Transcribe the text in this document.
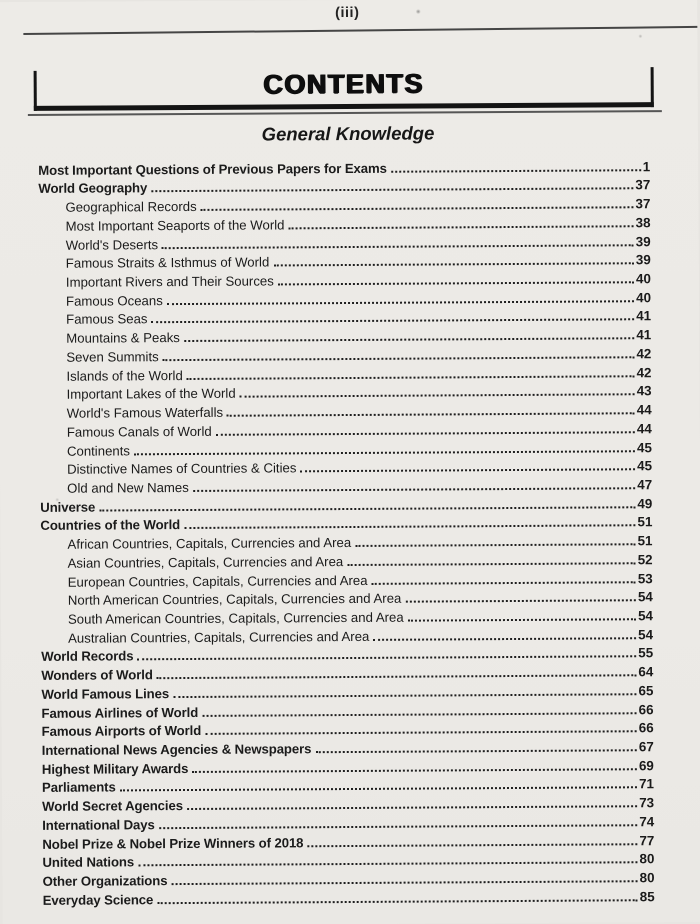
(iii)
CONTENTS
General Knowledge
Most Important Questions of Previous Papers for Exams	1
World Geography	37
Geographical Records	37
Most Important Seaports of the World	38
World's Deserts	39
Famous Straits & Isthmus of World	39
Important Rivers and Their Sources	40
Famous Oceans	40
Famous Seas	41
Mountains & Peaks	41
Seven Summits	42
Islands of the World	42
Important Lakes of the World	43
World's Famous Waterfalls	44
Famous Canals of World	44
Continents	45
Distinctive Names of Countries & Cities	45
Old and New Names	47
Universe	49
Countries of the World	51
African Countries, Capitals, Currencies and Area	51
Asian Countries, Capitals, Currencies and Area	52
European Countries, Capitals, Currencies and Area	53
North American Countries, Capitals, Currencies and Area	54
South American Countries, Capitals, Currencies and Area	54
Australian Countries, Capitals, Currencies and Area	54
World Records	55
Wonders of World	64
World Famous Lines	65
Famous Airlines of World	66
Famous Airports of World	66
International News Agencies & Newspapers	67
Highest Military Awards	69
Parliaments	71
World Secret Agencies	73
International Days	74
Nobel Prize & Nobel Prize Winners of 2018	77
United Nations	80
Other Organizations	80
Everyday Science	85
